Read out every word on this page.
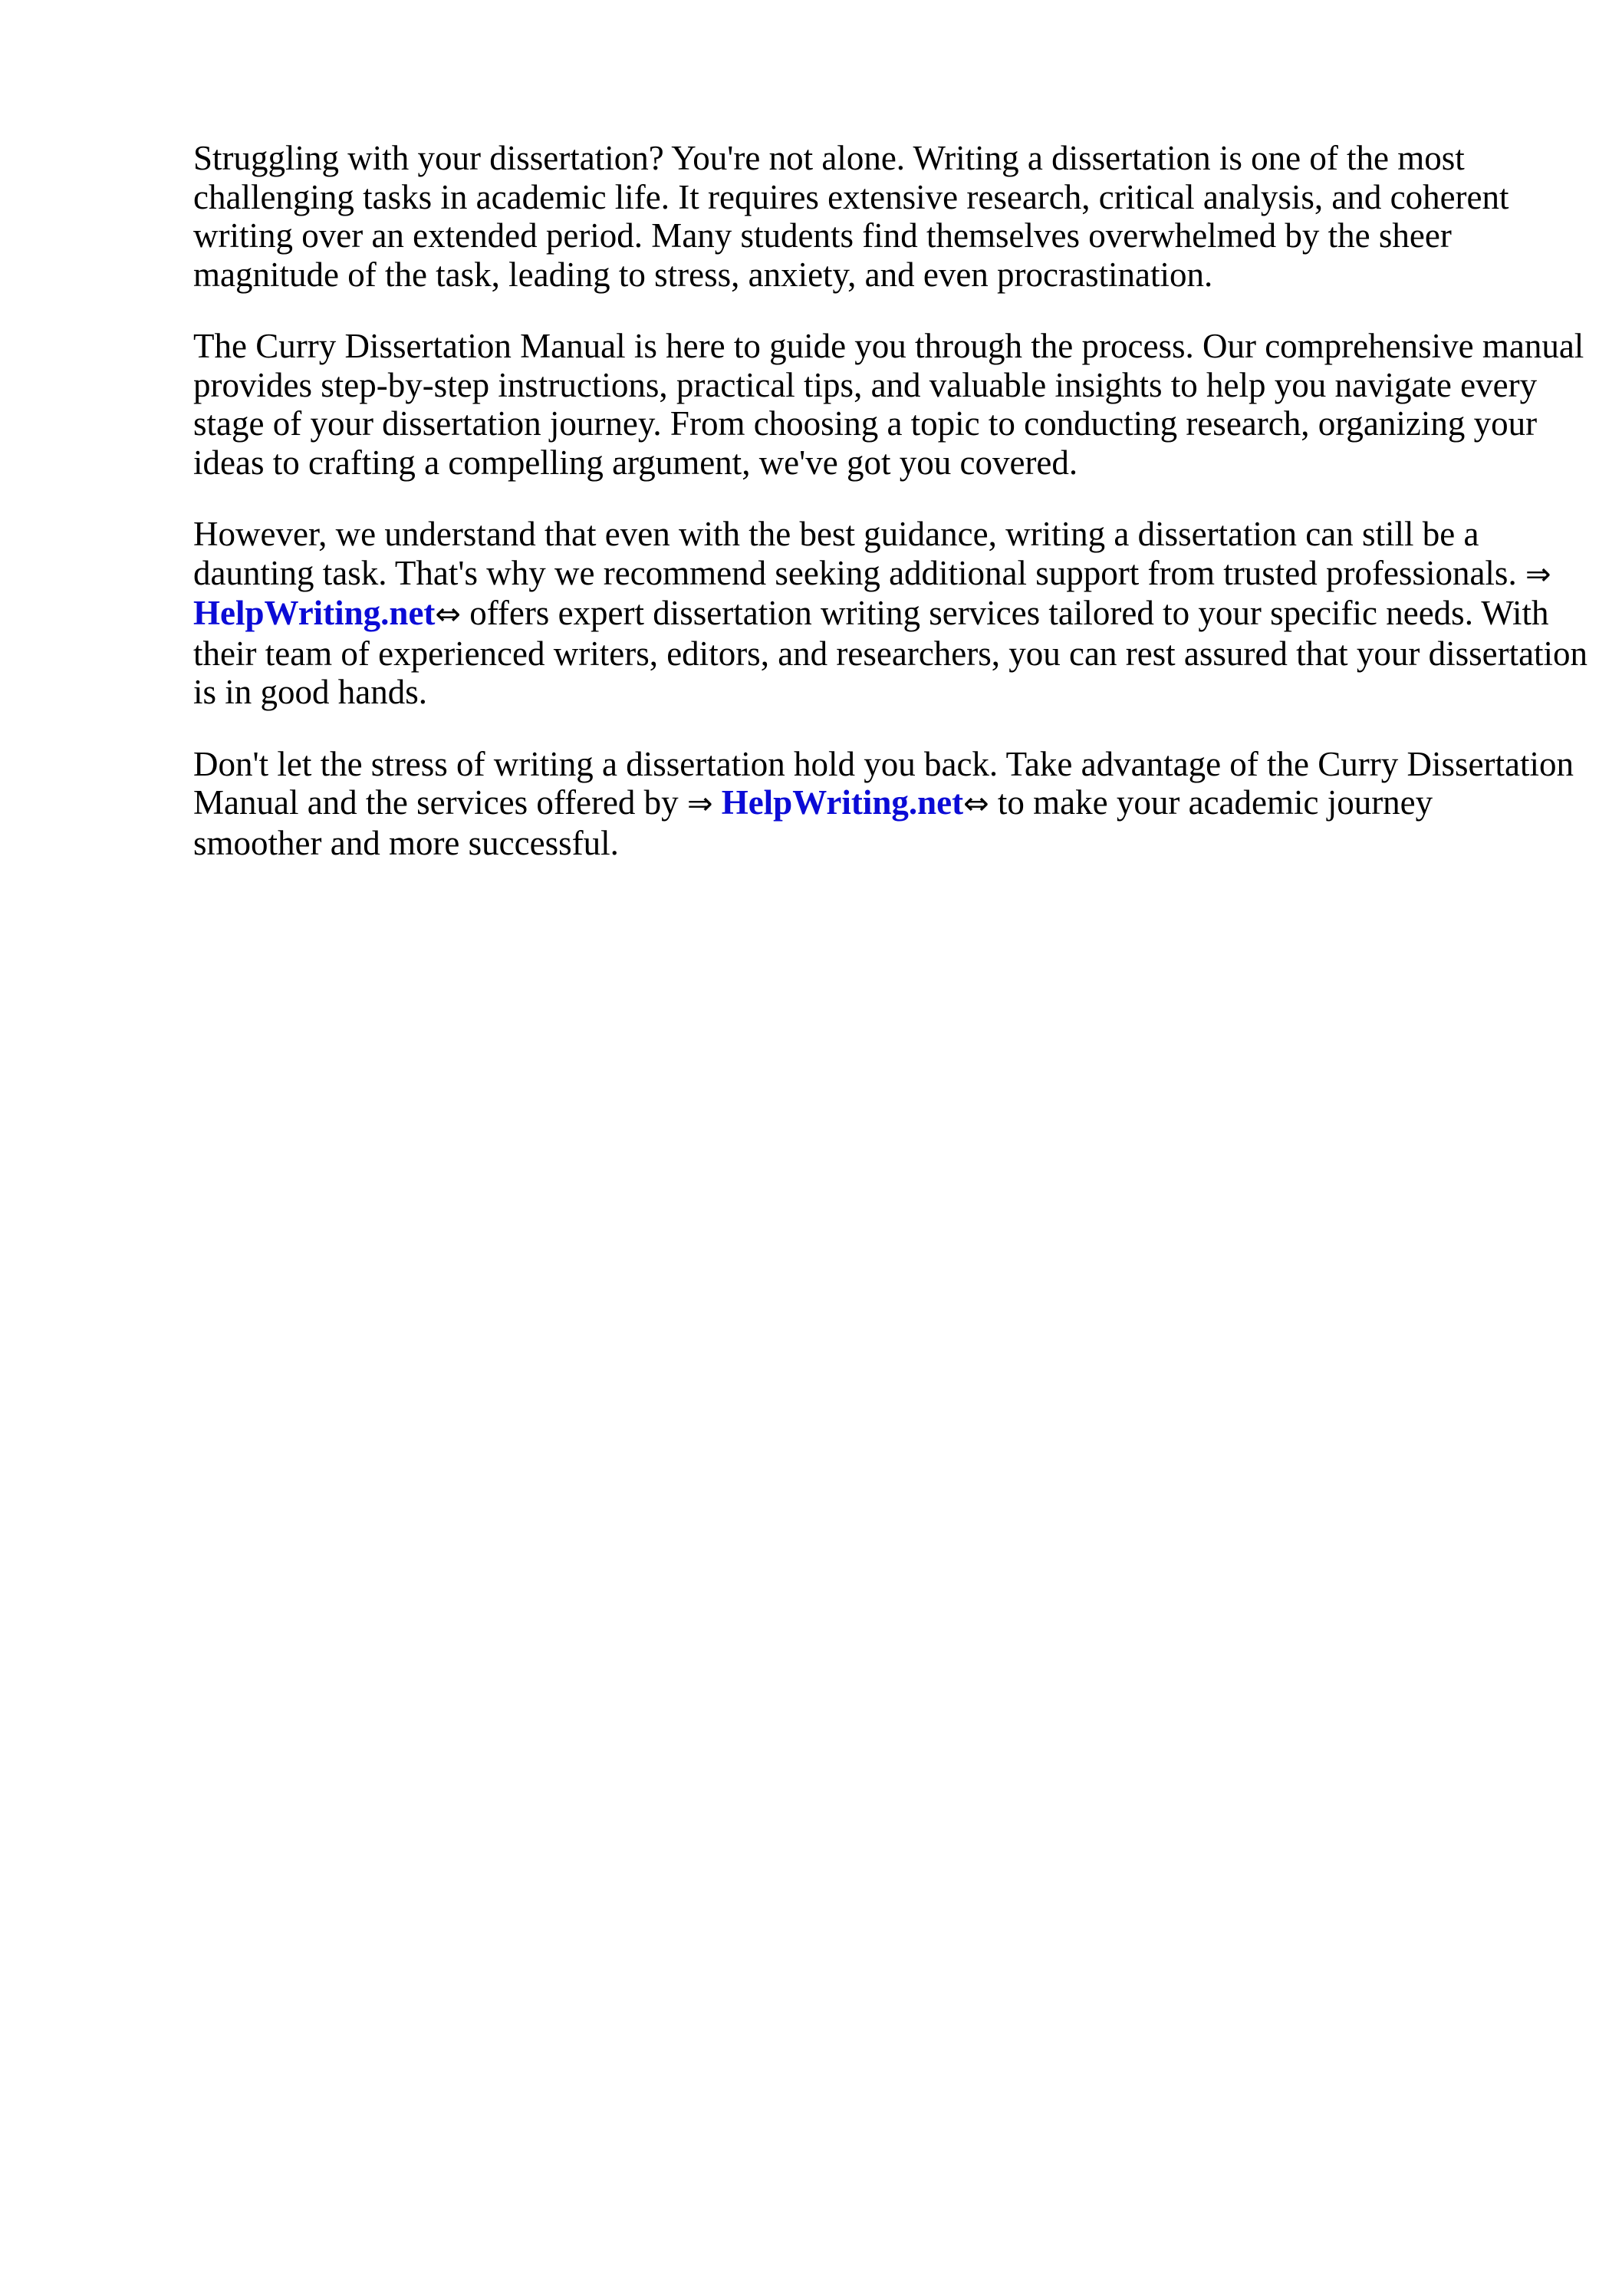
Struggling with your dissertation? You're not alone. Writing a dissertation is one of the most
challenging tasks in academic life. It requires extensive research, critical analysis, and coherent
writing over an extended period. Many students find themselves overwhelmed by the sheer
magnitude of the task, leading to stress, anxiety, and even procrastination.

The Curry Dissertation Manual is here to guide you through the process. Our comprehensive manual
provides step-by-step instructions, practical tips, and valuable insights to help you navigate every
stage of your dissertation journey. From choosing a topic to conducting research, organizing your
ideas to crafting a compelling argument, we've got you covered.

However, we understand that even with the best guidance, writing a dissertation can still be a
daunting task. That's why we recommend seeking additional support from trusted professionals. ⇒
HelpWriting.net⇔ offers expert dissertation writing services tailored to your specific needs. With
their team of experienced writers, editors, and researchers, you can rest assured that your dissertation
is in good hands.

Don't let the stress of writing a dissertation hold you back. Take advantage of the Curry Dissertation
Manual and the services offered by ⇒ HelpWriting.net⇔ to make your academic journey
smoother and more successful.
